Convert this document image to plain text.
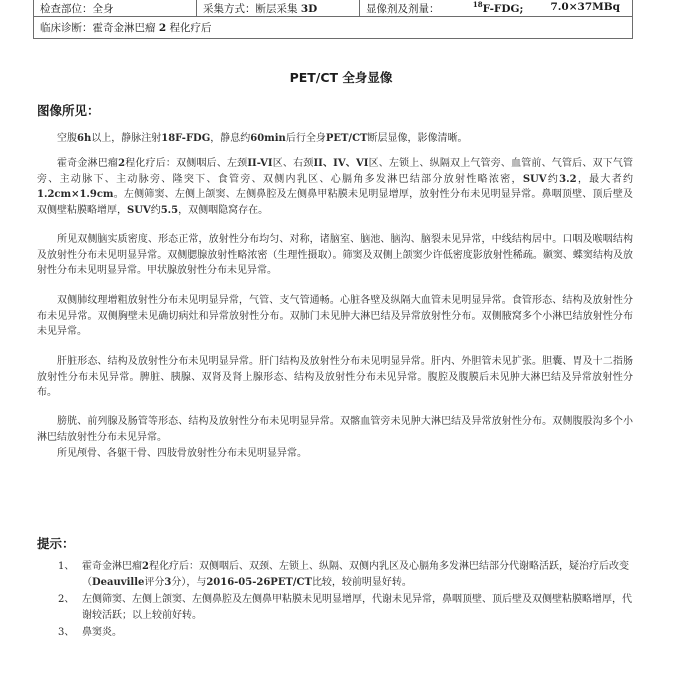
检查部位：全身	采集方式：断层采集 3D	显像剂及剂量：	$^{18}$F-FDG;	7.0×37MBq

临床诊断：霍奇金淋巴瘤 2 程化疗后
PET/CT 全身显像
图像所见：

空腹6h以上，静脉注射18F-FDG，静息约60min后行全身PET/CT断层显像，影像清晰。

霍奇金淋巴瘤2程化疗后：双侧咽后、左颈II-VI区、右颈II、IV、VI区、左锁上、纵隔双上气管旁、血管前、气管后、双下气管旁、主动脉下、主动脉旁、隆突下、食管旁、双侧内乳区、心膈角多发淋巴结部分放射性略浓密，SUV约3.2，最大者约1.2cm×1.9cm。左侧筛窦、左侧上颌窦、左侧鼻腔及左侧鼻甲粘膜未见明显增厚，放射性分布未见明显异常。鼻咽顶壁、顶后壁及双侧壁粘膜略增厚，SUV约5.5，双侧咽隐窝存在。

所见双侧脑实质密度、形态正常，放射性分布均匀、对称，诸脑室、脑池、脑沟、脑裂未见异常，中线结构居中。口咽及喉咽结构及放射性分布未见明显异常。双侧腮腺放射性略浓密（生理性摄取）。筛窦及双侧上颌窦少许低密度影放射性稀疏。颞窦、蝶窦结构及放射性分布未见明显异常。甲状腺放射性分布未见异常。

双侧肺纹理增粗放射性分布未见明显异常，气管、支气管通畅。心脏各壁及纵隔大血管未见明显异常。食管形态、结构及放射性分布未见异常。双侧胸壁未见确切病灶和异常放射性分布。双肺门未见肿大淋巴结及异常放射性分布。双侧腋窝多个小淋巴结放射性分布未见异常。

肝脏形态、结构及放射性分布未见明显异常。肝门结构及放射性分布未见明显异常。肝内、外胆管未见扩张。胆囊、胃及十二指肠放射性分布未见异常。脾脏、胰腺、双肾及肾上腺形态、结构及放射性分布未见异常。腹腔及腹膜后未见肿大淋巴结及异常放射性分布。

膀胱、前列腺及肠管等形态、结构及放射性分布未见明显异常。双髂血管旁未见肿大淋巴结及异常放射性分布。双侧腹股沟多个小淋巴结放射性分布未见异常。

所见颅骨、各躯干骨、四肢骨放射性分布未见明显异常。

提示：
1、 霍奇金淋巴瘤2程化疗后：双侧咽后、双颈、左锁上、纵隔、双侧内乳区及心膈角多发淋巴结部分代谢略活跃，疑治疗后改变（Deauville评分3分），与2016-05-26PET/CT比较，较前明显好转。
2、 左侧筛窦、左侧上颌窦、左侧鼻腔及左侧鼻甲粘膜未见明显增厚，代谢未见异常，鼻咽顶壁、顶后壁及双侧壁粘膜略增厚，代谢较活跃；以上较前好转。
3、 鼻窦炎。
